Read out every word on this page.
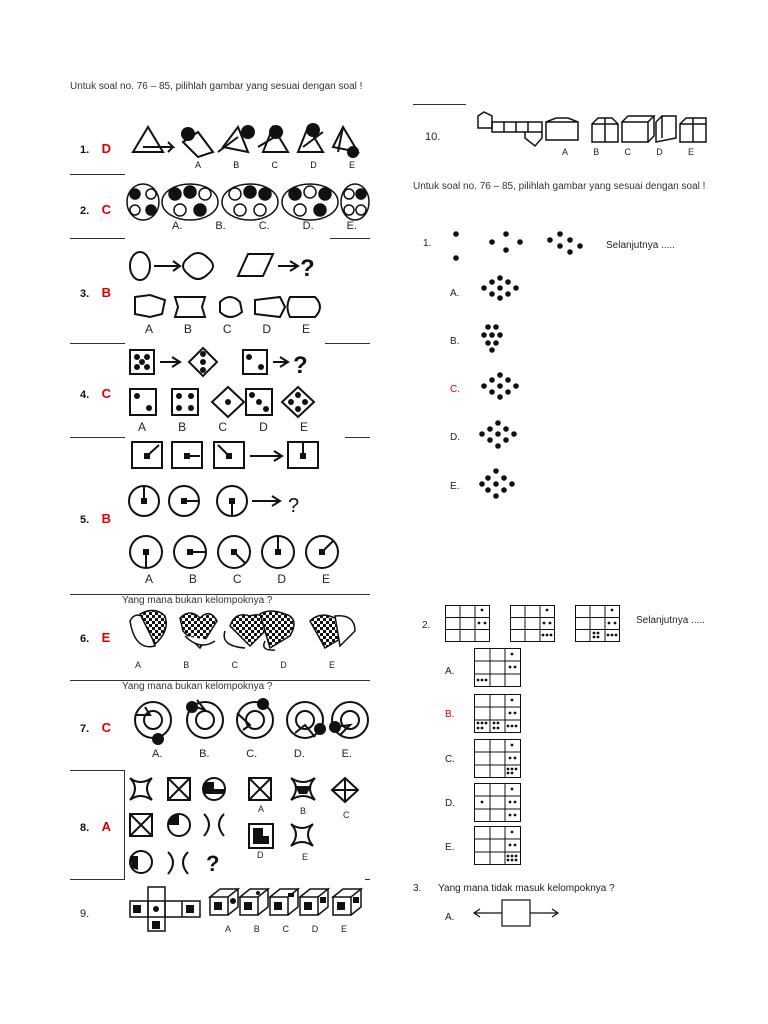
Untuk soal no. 76 – 85, pilihlah gambar yang sesuai dengan soal !
1. D
A	B	C	D	E
2. C
A.	B.	C.	D.	E.
?
3. B
A	B	C	D	E
?
4. C
A	B	C	D	E
?
5. B
A	B	C	D	E
Yang mana bukan kelompoknya ?
A	B	C	D	E
6. E
Yang mana bukan kelompoknya ?
A.	B.	C.	D.	E.
7. C
8. A
?
A	B	C
D	E
9.
A	B	C	D	E
10.
A	B	C	D	E
Untuk soal no. 76 – 85, pilihlah gambar yang sesuai dengan soal !
1.	Selanjutnya .....
A.
B.
C.
D.
E.
2.	Selanjutnya .....
A.
B.
C.
D.
E.
3. Yang mana tidak masuk kelompoknya ?
A.
